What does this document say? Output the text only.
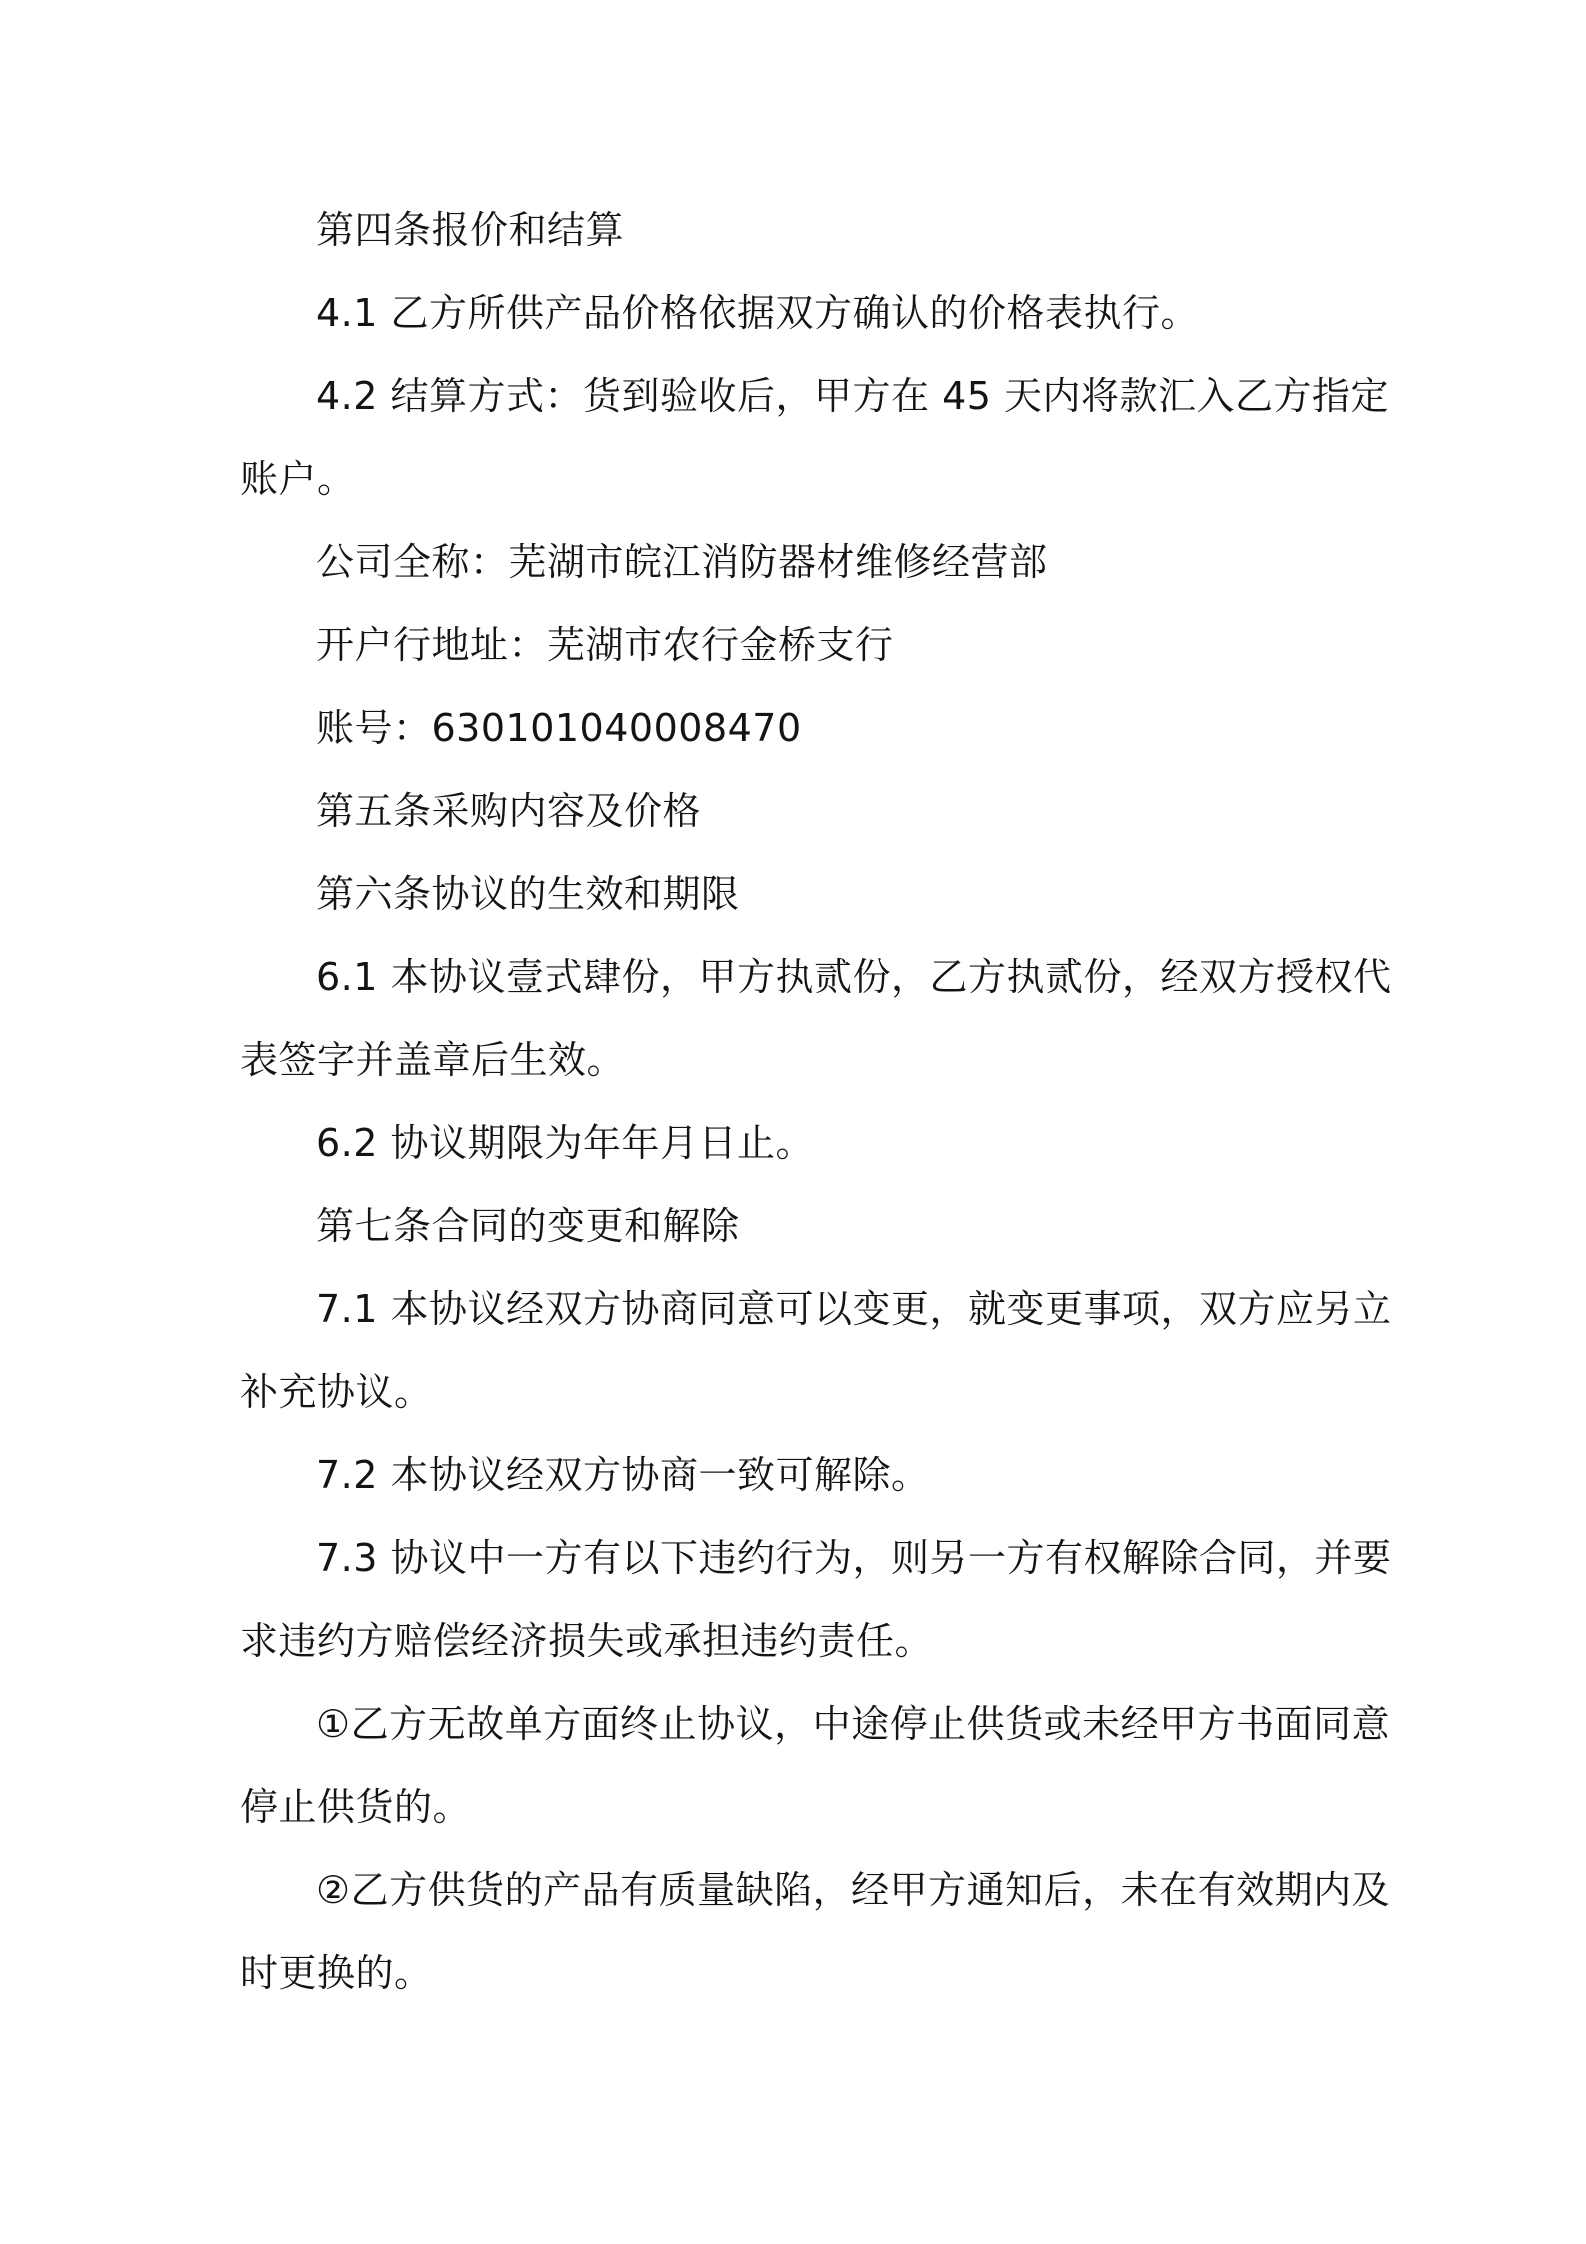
第四条报价和结算

4.1 乙方所供产品价格依据双方确认的价格表执行。

4.2 结算方式：货到验收后，甲方在 45 天内将款汇入乙方指定

账户。

公司全称：芜湖市皖江消防器材维修经营部

开户行地址：芜湖市农行金桥支行

账号：630101040008470

第五条采购内容及价格

第六条协议的生效和期限

6.1 本协议壹式肆份，甲方执贰份，乙方执贰份，经双方授权代

表签字并盖章后生效。

6.2 协议期限为年年月日止。

第七条合同的变更和解除

7.1 本协议经双方协商同意可以变更，就变更事项，双方应另立

补充协议。

7.2 本协议经双方协商一致可解除。

7.3 协议中一方有以下违约行为，则另一方有权解除合同，并要

求违约方赔偿经济损失或承担违约责任。

①乙方无故单方面终止协议，中途停止供货或未经甲方书面同意

停止供货的。

②乙方供货的产品有质量缺陷，经甲方通知后，未在有效期内及

时更换的。
